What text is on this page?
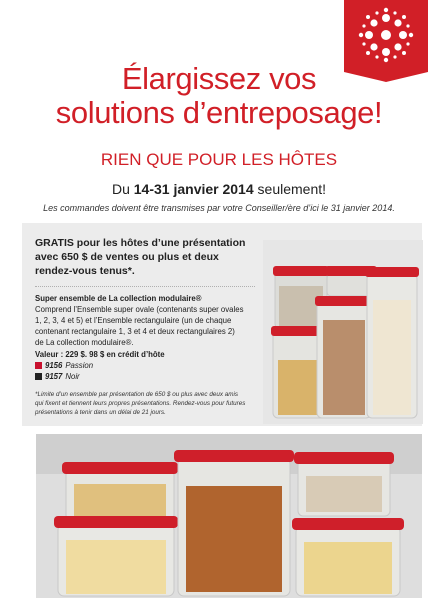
Élargissez vos
solutions d’entreposage!
RIEN QUE POUR LES HÔTES
Du 14-31 janvier 2014 seulement!
Les commandes doivent être transmises par votre Conseiller/ère d’ici le 31 janvier 2014.
GRATIS pour les hôtes d’une présentation
avec 650 $ de ventes ou plus et deux
rendez-vous tenus*.
Super ensemble de La collection modulaire®
Comprend l’Ensemble super ovale (contenants super ovales
1, 2, 3, 4 et 5) et l’Ensemble rectangulaire (un de chaque
contenant rectangulaire 1, 3 et 4 et deux rectangulaires 2)
de La collection modulaire®.
Valeur : 229 $. 98 $ en crédit d’hôte
9156 Passion
9157 Noir
*Limite d’un ensemble par présentation de 650 $ ou plus avec deux amis
qui fixent et tiennent leurs propres présentations. Rendez-vous pour futures
présentations à tenir dans un délai de 21 jours.
